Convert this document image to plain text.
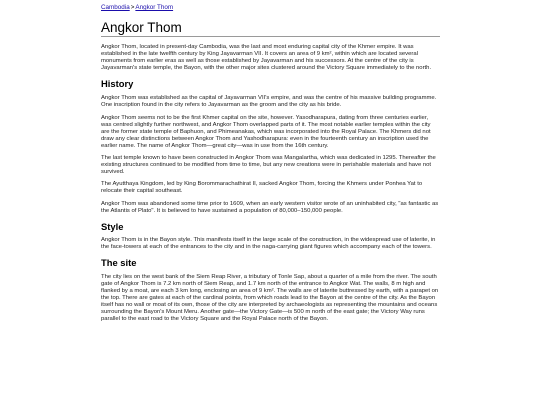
Cambodia>Angkor Thom
Angkor Thom

Angkor Thom, located in present-day Cambodia, was the last and most enduring capital city of the Khmer empire. It was established in the late twelfth century by King Jayavarman VII. It covers an area of 9 km², within which are located several monuments from earlier eras as well as those established by Jayavarman and his successors. At the centre of the city is Jayavarman's state temple, the Bayon, with the other major sites clustered around the Victory Square immediately to the north.

History

Angkor Thom was established as the capital of Jayavarman VII's empire, and was the centre of his massive building programme. One inscription found in the city refers to Jayavarman as the groom and the city as his bride.

Angkor Thom seems not to be the first Khmer capital on the site, however. Yasodharapura, dating from three centuries earlier, was centred slightly further northwest, and Angkor Thom overlapped parts of it. The most notable earlier temples within the city are the former state temple of Baphuon, and Phimeanakas, which was incorporated into the Royal Palace. The Khmers did not draw any clear distinctions between Angkor Thom and Yashodharapura: even in the fourteenth century an inscription used the earlier name. The name of Angkor Thom—great city—was in use from the 16th century.

The last temple known to have been constructed in Angkor Thom was Mangalartha, which was dedicated in 1295. Thereafter the existing structures continued to be modified from time to time, but any new creations were in perishable materials and have not survived.

The Ayutthaya Kingdom, led by King Borommarachathirat II, sacked Angkor Thom, forcing the Khmers under Ponhea Yat to relocate their capital southeast.

Angkor Thom was abandoned some time prior to 1609, when an early western visitor wrote of an uninhabited city, "as fantastic as the Atlantis of Plato". It is believed to have sustained a population of 80,000–150,000 people.

Style

Angkor Thom is in the Bayon style. This manifests itself in the large scale of the construction, in the widespread use of laterite, in the face-towers at each of the entrances to the city and in the naga-carrying giant figures which accompany each of the towers.

The site

The city lies on the west bank of the Siem Reap River, a tributary of Tonle Sap, about a quarter of a mile from the river. The south gate of Angkor Thom is 7.2 km north of Siem Reap, and 1.7 km north of the entrance to Angkor Wat. The walls, 8 m high and flanked by a moat, are each 3 km long, enclosing an area of 9 km². The walls are of laterite buttressed by earth, with a parapet on the top. There are gates at each of the cardinal points, from which roads lead to the Bayon at the centre of the city. As the Bayon itself has no wall or moat of its own, those of the city are interpreted by archaeologists as representing the mountains and oceans surrounding the Bayon's Mount Meru. Another gate—the Victory Gate—is 500 m north of the east gate; the Victory Way runs parallel to the east road to the Victory Square and the Royal Palace north of the Bayon.
